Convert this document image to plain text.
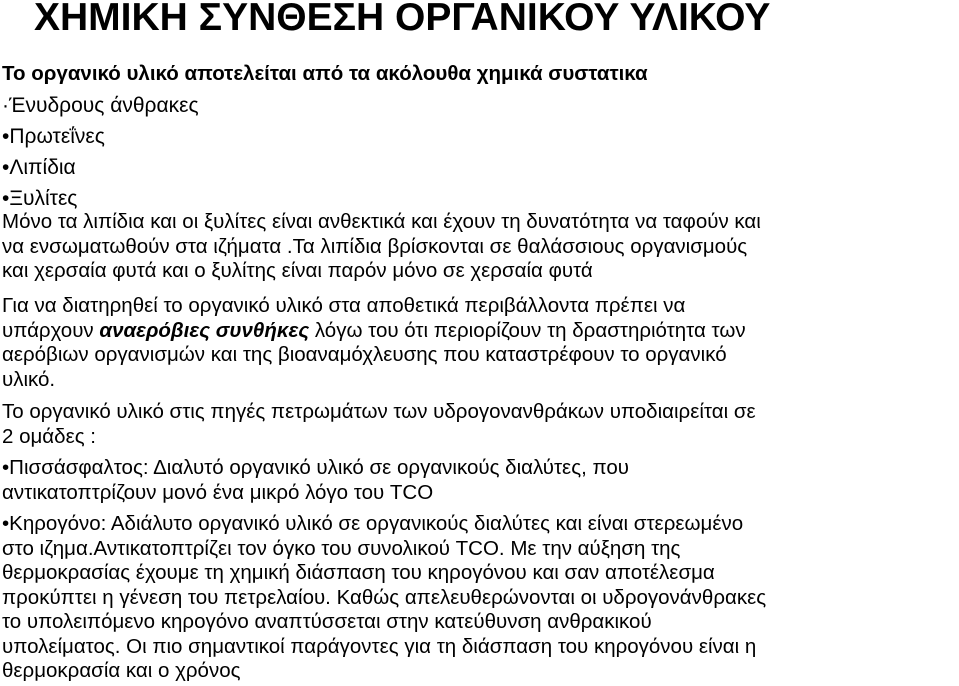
ΧΗΜΙΚΗ ΣΥΝΘΕΣΗ ΟΡΓΑΝΙΚΟΥ ΥΛΙΚΟΥ
Το οργανικό υλικό αποτελείται από τα ακόλουθα χημικά συστατικα
·Ένυδρους άνθρακες
•Πρωτεΐνες
•Λιπίδια
•Ξυλίτες
Μόνο τα λιπίδια και οι ξυλίτες είναι ανθεκτικά και έχουν τη δυνατότητα να ταφούν και
να ενσωματωθούν στα ιζήματα .Τα λιπίδια βρίσκονται σε θαλάσσιους οργανισμούς
και χερσαία φυτά και ο ξυλίτης είναι παρόν μόνο σε χερσαία φυτά
Για να διατηρηθεί το οργανικό υλικό στα αποθετικά περιβάλλοντα πρέπει να
υπάρχουν αναερόβιες συνθήκες λόγω του ότι περιορίζουν τη δραστηριότητα των
αερόβιων οργανισμών και της βιοαναμόχλευσης που καταστρέφουν το οργανικό
υλικό.
Το οργανικό υλικό στις πηγές πετρωμάτων των υδρογονανθράκων υποδιαιρείται σε
2 ομάδες :
•Πισσάσφαλτος: Διαλυτό οργανικό υλικό σε οργανικούς διαλύτες, που
αντικατοπτρίζουν μονό ένα μικρό λόγο του TCO
•Κηρογόνο: Αδιάλυτο οργανικό υλικό σε οργανικούς διαλύτες και είναι στερεωμένο
στο ιζημα.Αντικατοπτρίζει τον όγκο του συνολικού TCO. Με την αύξηση της
θερμοκρασίας έχουμε τη χημική διάσπαση του κηρογόνου και σαν αποτέλεσμα
προκύπτει η γένεση του πετρελαίου. Καθώς απελευθερώνονται οι υδρογονάνθρακες
το υπολειπόμενο κηρογόνο αναπτύσσεται στην κατεύθυνση ανθρακικού
υπολείματος. Οι πιο σημαντικοί παράγοντες για τη διάσπαση του κηρογόνου είναι η
θερμοκρασία και ο χρόνος
